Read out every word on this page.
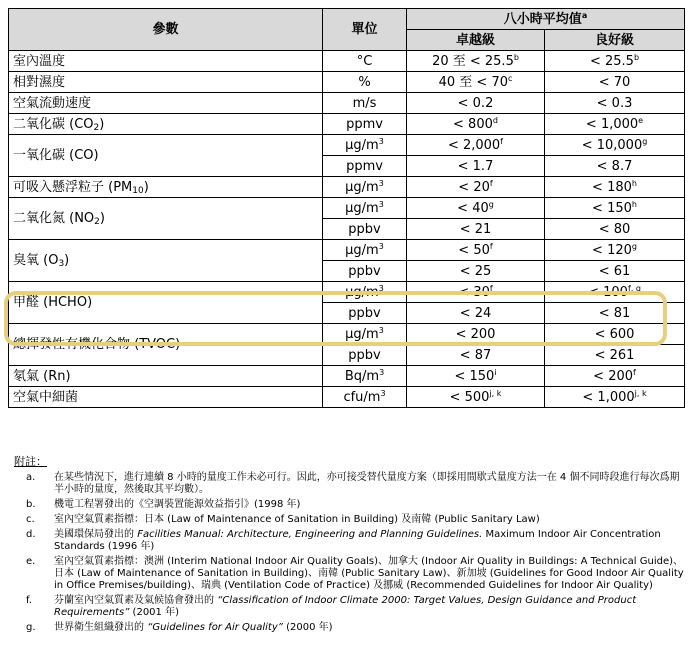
參數	單位	八小時平均值$^a$
		卓越級	良好級
室內溫度	°C	20 至 < 25.5$^b$	< 25.5$^b$
相對濕度	%	40 至 < $70^c$	< 70
空氣流動速度	m/s	< 0.2	< 0.3
二氧化碳 $(CO_2)$	ppmv	< $800^d$	< 1,000$^e$
一氧化碳 (CO)	$\mu g/m^3$	< 2,000$^f$	< 10,000$^g$
	ppmv	< 1.7	< 8.7
可吸入懸浮粒子 $(PM_{10})$	$\mu g/m^3$	< $20^f$	< $180^h$
二氧化氮 $(NO_2)$	$\mu g/m^3$	< $40^g$	< $150^h$
	ppbv	< 21	< 80
臭氧 $(O_3)$	$\mu g/m^3$	< $50^f$	< $120^g$
	ppbv	< 25	< 61
甲醛 (HCHO)	$\mu g/m^3$	< $30^f$	< $100^{f, g}$
	ppbv	< 24	< 81
總揮發性有機化合物 (TVOC)	$\mu g/m^3$	< 200	< 600
	ppbv	< 87	< 261
氡氣 (Rn)	$Bq/m^3$	< $150^i$	< $200^f$
空氣中細菌	cfu/$m^3$	< $500^{j, k}$	< $1,000^{j, k}$
附註：
a.	在某些情況下，進行連續 8 小時的量度工作未必可行。因此，亦可接受替代量度方案（即採用間歇式量度方法一在 4 個不同時段進行每次爲期半小時的量度，然後取其平均數）。
b.	機電工程署發出的《空調裝置能源效益指引》(1998 年)
c.	室內空氣質素指標：日本 (Law of Maintenance of Sanitation in Building) 及南韓 (Public Sanitary Law)
d.	美國環保局發出的 Facilities Manual: Architecture, Engineering and Planning Guidelines. Maximum Indoor Air Concentration Standards (1996 年)
e.	室內空氣質素指標：澳洲 (Interim National Indoor Air Quality Goals)、加拿大 (Indoor Air Quality in Buildings: A Technical Guide)、日本 (Law of Maintenance of Sanitation in Building)、南韓 (Public Sanitary Law)、新加坡 (Guidelines for Good Indoor Air Quality in Office Premises/building)、瑞典 (Ventilation Code of Practice) 及挪威 (Recommended Guidelines for Indoor Air Quality)
f.	芬蘭室內空氣質素及氣候協會發出的 “Classification of Indoor Climate 2000: Target Values, Design Guidance and Product Requirements” (2001 年)
g.	世界衛生組織發出的 “Guidelines for Air Quality” (2000 年)
